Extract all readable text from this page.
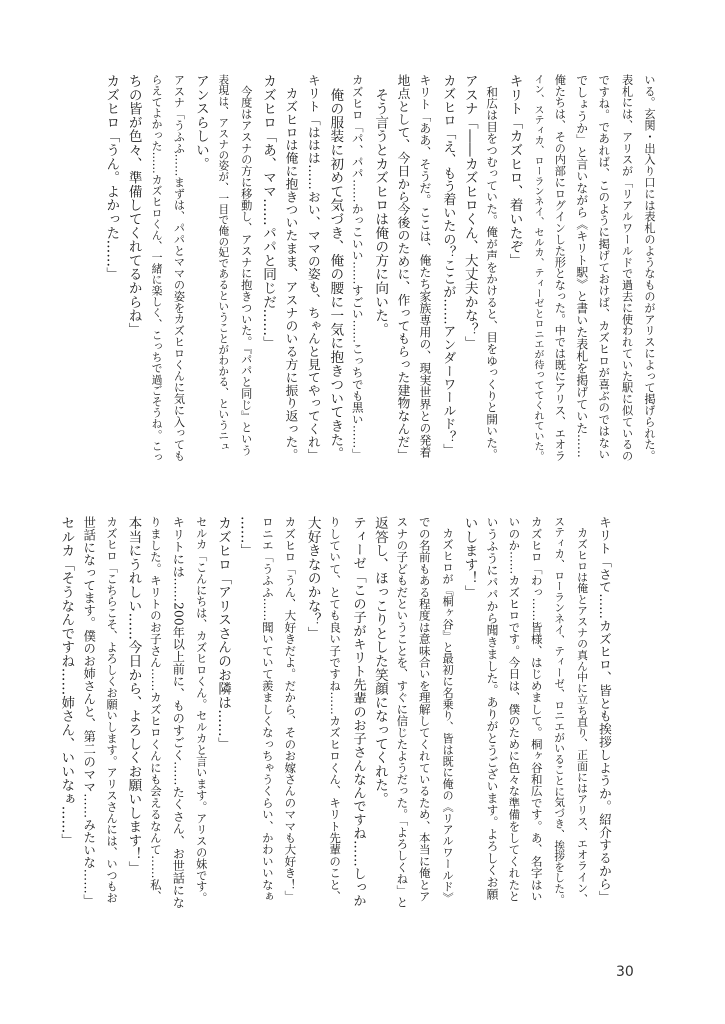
いる。玄関・出入り口には表札のようなものがアリスによって掲げられた。
表札には、アリスが「リアルワールドで過去に使われていた駅に似ているの
ですね。であれば、このように掲げておけば、カズヒロが喜ぶのではない
でしょうか」と言いながら《キリト駅》と書いた表札を掲げていた……
俺たちは、その内部にログインした形となった。中では既にアリス、エオラ
イン、スティカ、ローランネイ、セルカ、ティーゼとロニエが待っててくれていた。
キリト「カズヒロ、着いたぞ」
　和広は目をつむっていた。俺が声をかけると、目をゆっくりと開いた。
アスナ「――カズヒロくん、大丈夫かな？」
カズヒロ「え、もう着いたの？ここが……アンダーワールド？」
キリト「ああ、そうだ。ここは、俺たち家族専用の、現実世界との発着
地点として、今日から今後のために、作ってもらった建物なんだ」
　そう言うとカズヒロは俺の方に向いた。
カズヒロ「パ、パパ……かっこいい……すごい……こっちでも黒い……」
　俺の服装に初めて気づき、俺の腰に一気に抱きついてきた。
キリト「ははは……おい、ママの姿も、ちゃんと見てやってくれ」
　カズヒロは俺に抱きついたまま、アスナのいる方に振り返った。
カズヒロ「あ、ママ……パパと同じだ……」
　今度はアスナの方に移動し、アスナに抱きついた。『パパと同じ』という
表現は、アスナの姿が、一目で俺の妃であるということがわかる、というニュ
アンスらしい。
アスナ「うふふ……まずは、パパとママの姿をカズヒロくんに気に入っても
らえてよかった……カズヒロくん、一緒に楽しく、こっちで過ごそうね。こっ
ちの皆が色々、準備してくれてるからね」
カズヒロ「うん。よかった……」
キリト「さて……カズヒロ、皆とも挨拶しようか。紹介するから」
　カズヒロは俺とアスナの真ん中に立ち直り、正面にはアリス、エオライン、
スティカ、ローランネイ、ティーゼ、ロニエがいることに気づき、挨拶をした。
カズヒロ「わっ……皆様、はじめまして。桐ヶ谷和広です。あ、名字はい
いのか……カズヒロです。今日は、僕のために色々な準備をしてくれたと
いうふうにパパから聞きました。ありがとうございます。よろしくお願
いします！」
　カズヒロが『桐ヶ谷』と最初に名乗り、皆は既に俺の《リアルワールド》
での名前もある程度は意味合いを理解してくれているため、本当に俺とア
スナの子どもだということを、すぐに信じたようだった。「よろしくね」と
返答し、ほっこりとした笑顔になってくれた。
ティーゼ「この子がキリト先輩のお子さんなんですね……しっか
りしていて、とても良い子ですね……カズヒロくん、キリト先輩のこと、
大好きなのかな？」
カズヒロ「うん、大好きだよ。だから、そのお嫁さんのママも大好き！」
ロニエ「うふふ……聞いていて羨ましくなっちゃうくらい、かわいいなぁ
……」
カズヒロ「アリスさんのお隣は……」
セルカ「こんにちは、カズヒロくん。セルカと言います。アリスの妹です。
キリトには……200年以上前に、ものすごく……たくさん、お世話にな
りました。キリトのお子さん……カズヒロくんにも会えるなんて……私、
本当にうれしい……今日から、よろしくお願いします！」
カズヒロ「こちらこそ、よろしくお願いします。アリスさんには、いつもお
世話になってます。僕のお姉さんと、第二のママ……みたいな……」
セルカ「そうなんですね……姉さん、いいなぁ……」
30
